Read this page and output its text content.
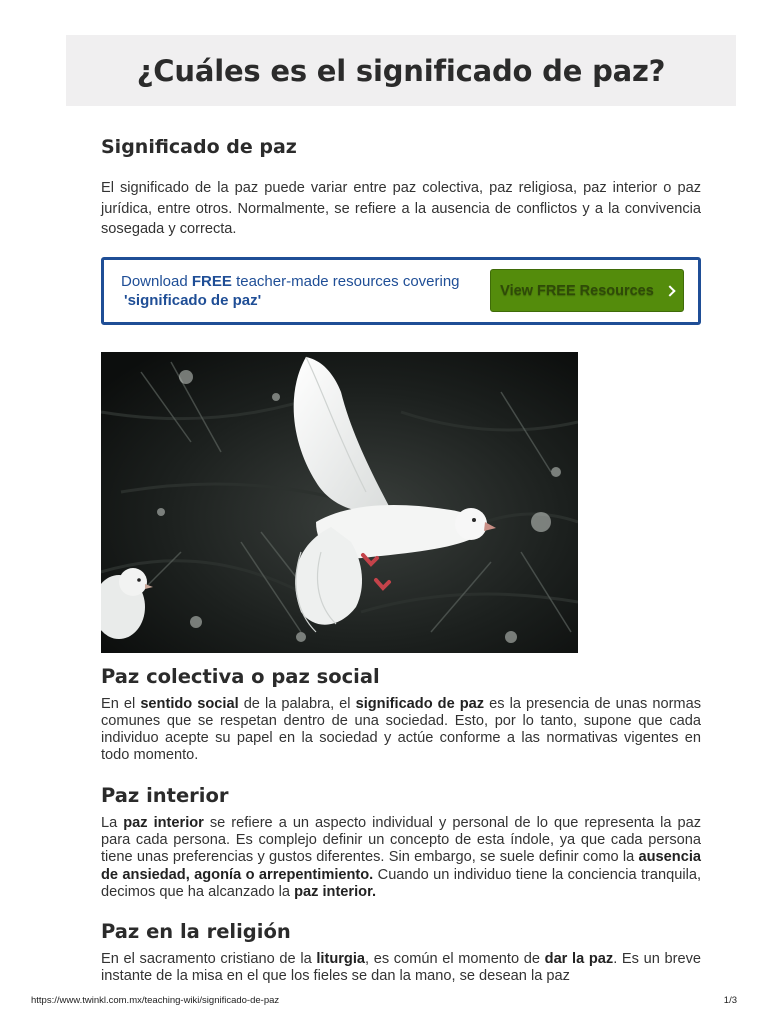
¿Cuáles es el significado de paz?
Significado de paz

El significado de la paz puede variar entre paz colectiva, paz religiosa, paz interior o paz jurídica, entre otros. Normalmente, se refiere a la ausencia de conflictos y a la convivencia sosegada y correcta.

Download FREE teacher-made resources covering
'significado de paz'
View FREE Resources
Paz colectiva o paz social

En el sentido social de la palabra, el significado de paz es la presencia de unas normas comunes que se respetan dentro de una sociedad. Esto, por lo tanto, supone que cada individuo acepte su papel en la sociedad y actúe conforme a las normativas vigentes en todo momento.

Paz interior

La paz interior se refiere a un aspecto individual y personal de lo que representa la paz para cada persona. Es complejo definir un concepto de esta índole, ya que cada persona tiene unas preferencias y gustos diferentes. Sin embargo, se suele definir como la ausencia de ansiedad, agonía o arrepentimiento. Cuando un individuo tiene la conciencia tranquila, decimos que ha alcanzado la paz interior.

Paz en la religión

En el sacramento cristiano de la liturgia, es común el momento de dar la paz. Es un breve instante de la misa en el que los fieles se dan la mano, se desean la paz

https://www.twinkl.com.mx/teaching-wiki/significado-de-paz	1/3
